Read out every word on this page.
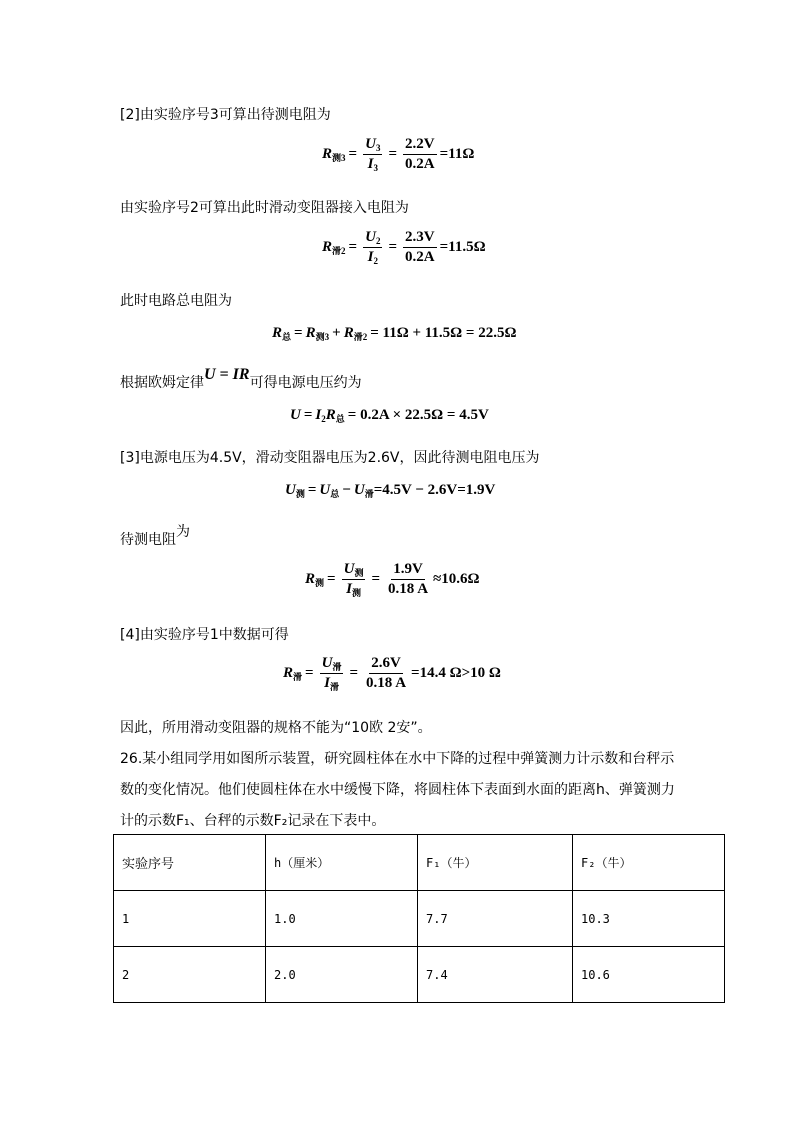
[2]由实验序号3可算出待测电阻为
$R_{测3} = \frac{U_3}{I_3} = \frac{2.2V}{0.2A} =11\Omega$
由实验序号2可算出此时滑动变阻器接入电阻为
$R_{滑2} = \frac{U_2}{I_2} = \frac{2.3V}{0.2A} =11.5\Omega$
此时电路总电阻为
$R_总 = R_{测3} + R_{滑2} = 11\Omega + 11.5\Omega = 22.5\Omega$
根据欧姆定律U = IR可得电源电压约为
$U = I_2$ $R_总 = 0.2A \times 22.5\Omega = 4.5V$
[3]电源电压为4.5V，滑动变阻器电压为2.6V，因此待测电阻电压为
$U_测 = U_总 - U_滑 =4.5V - 2.6V=1.9V$
待测电阻为
$R_测 = \frac{U_测}{I_测} = \frac{1.9V}{0.18 A} \approx 10.6\Omega$
[4]由实验序号1中数据可得
$R_滑 = \frac{U_滑}{I_滑} = \frac{2.6V}{0.18 A} =14.4$ Ω>10 Ω
因此，所用滑动变阻器的规格不能为“10欧 2安”。
26.某小组同学用如图所示装置，研究圆柱体在水中下降的过程中弹簧测力计示数和台秤示
数的变化情况。他们使圆柱体在水中缓慢下降，将圆柱体下表面到水面的距离h、弹簧测力
计的示数F₁、台秤的示数F₂记录在下表中。
实验序号	h（厘米）	F₁（牛）	F₂（牛）
1	1.0	7.7	10.3
2	2.0	7.4	10.6
